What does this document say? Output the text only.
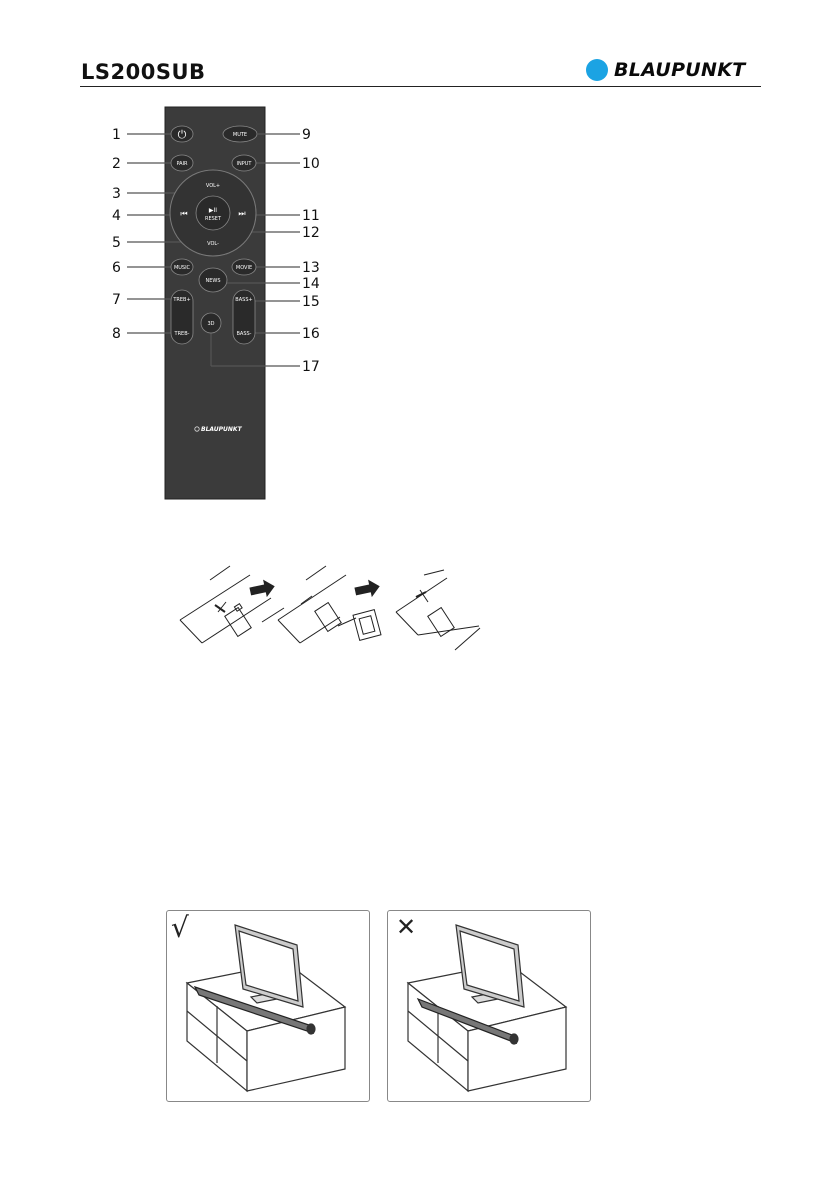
LS200SUB	BLAUPUNKT
1
2
3
4
5
6
7
8
9
10
11
12
13
14
15
16
17
⏻	MUTE
PAIR	INPUT
VOL+
VOL-
⏮	⏭
▶II
RESET
MUSIC
NEWS
MOVIE
TREB+
TREB-
BASS+
BASS-
3D
BLAUPUNKT
√	✕
